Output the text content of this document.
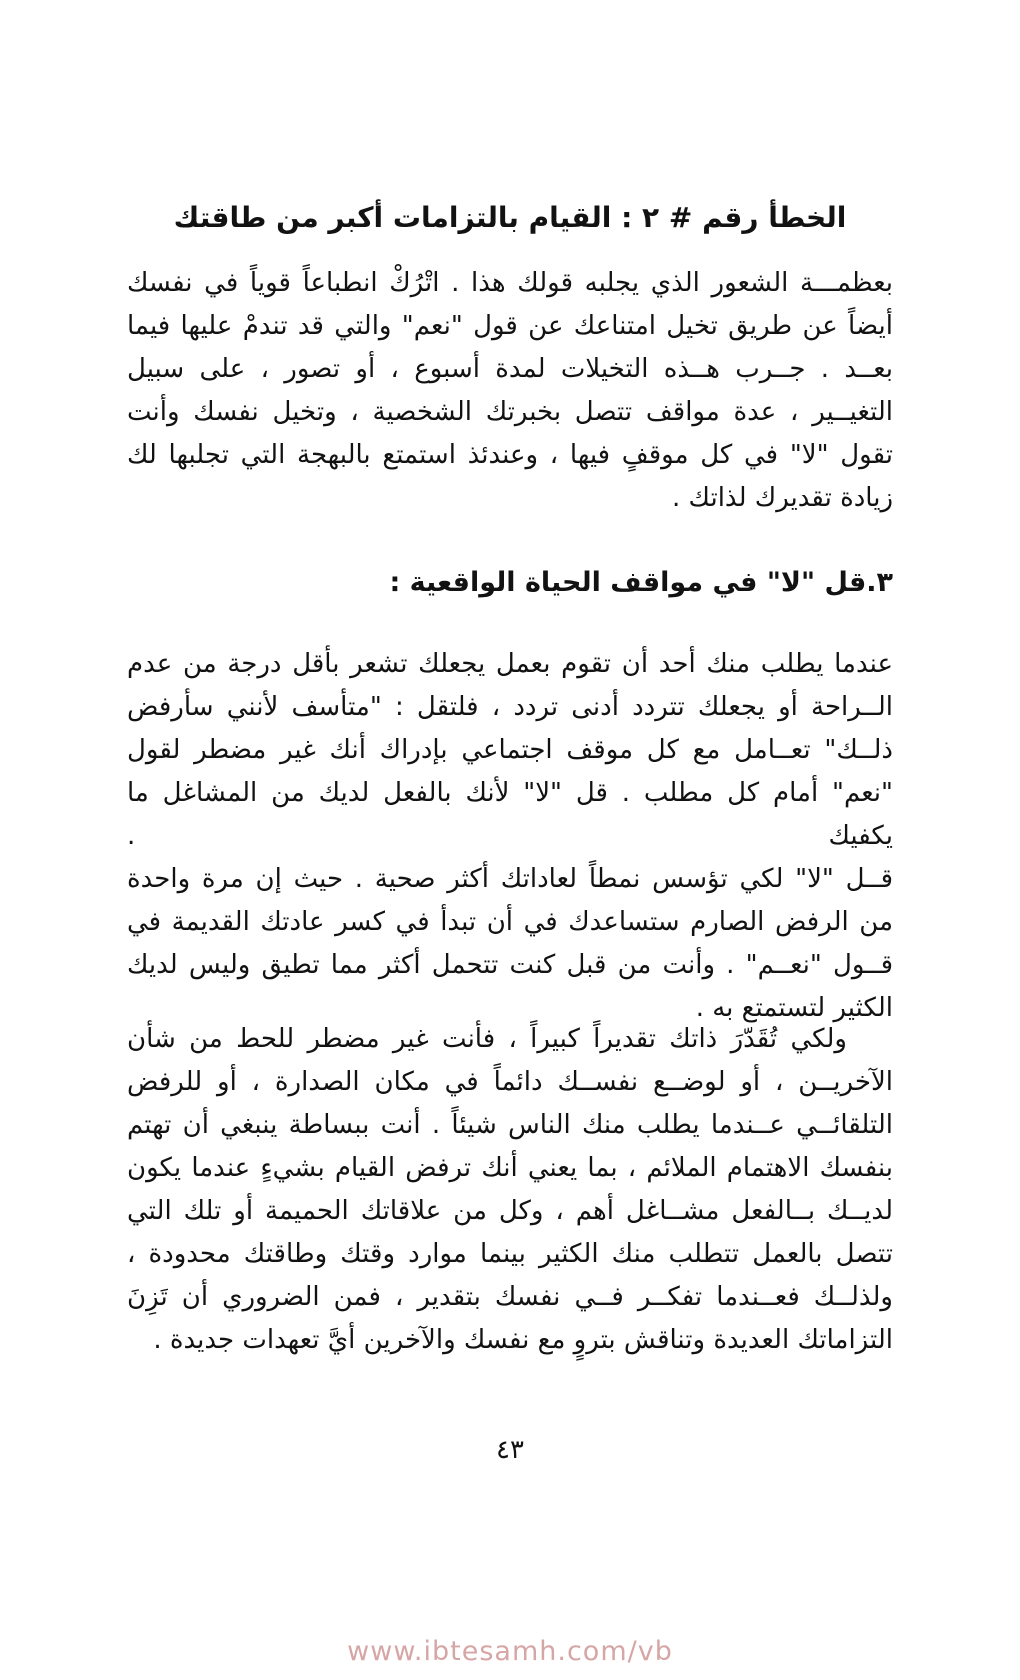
الخطأ رقم # ٢ : القيام بالتزامات أكبر من طاقتك
بعظمـــة الشعور الذي يجلبه قولك هذا . اتْرُكْ انطباعاً قوياً في نفسك
أيضاً عن طريق تخيل امتناعك عن قول "نعم" والتي قد تندمْ عليها فيما
بعــد . جــرب هــذه التخيلات لمدة أسبوع ، أو تصور ، على سبيل
التغيــير ، عدة مواقف تتصل بخبرتك الشخصية ، وتخيل نفسك وأنت
تقول "لا" في كل موقفٍ فيها ، وعندئذ استمتع بالبهجة التي تجلبها لك
زيادة تقديرك لذاتك .
٣.قل "لا" في مواقف الحياة الواقعية :
عندما يطلب منك أحد أن تقوم بعمل يجعلك تشعر بأقل درجة من عدم
الــراحة أو يجعلك تتردد أدنى تردد ، فلتقل : "متأسف لأنني سأرفض
ذلــك" تعــامل مع كل موقف اجتماعي بإدراك أنك غير مضطر لقول
"نعم" أمام كل مطلب . قل "لا" لأنك بالفعل لديك من المشاغل ما يكفيك .
قــل "لا" لكي تؤسس نمطاً لعاداتك أكثر صحية . حيث إن مرة واحدة
من الرفض الصارم ستساعدك في أن تبدأ في كسر عادتك القديمة في
قــول "نعــم" . وأنت من قبل كنت تتحمل أكثر مما تطيق وليس لديك
الكثير لتستمتع به .
ولكي تُقَدّرَ ذاتك تقديراً كبيراً ، فأنت غير مضطر للحط من شأن
الآخريــن ، أو لوضــع نفســك دائماً في مكان الصدارة ، أو للرفض
التلقائــي عــندما يطلب منك الناس شيئاً . أنت ببساطة ينبغي أن تهتم
بنفسك الاهتمام الملائم ، بما يعني أنك ترفض القيام بشيءٍ عندما يكون
لديــك بــالفعل مشــاغل أهم ، وكل من علاقاتك الحميمة أو تلك التي
تتصل بالعمل تتطلب منك الكثير بينما موارد وقتك وطاقتك محدودة ،
ولذلــك فعــندما تفكــر فــي نفسك بتقدير ، فمن الضروري أن تَزِنَ
التزاماتك العديدة وتناقش بتروٍ مع نفسك والآخرين أيَّ تعهدات جديدة .
٤٣
www.ibtesamh.com/vb
